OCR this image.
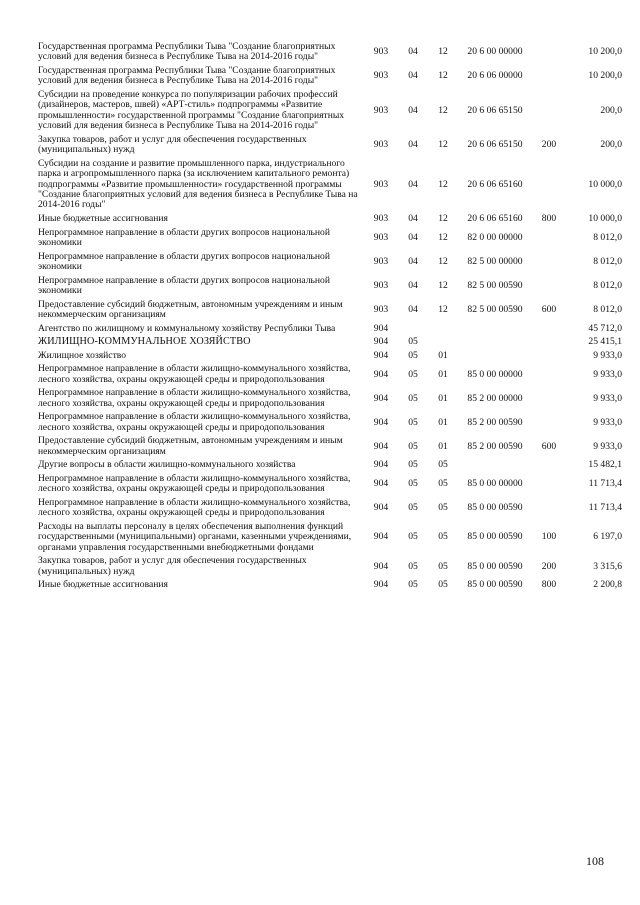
Государственная программа Республики Тыва "Создание благоприятных условий для ведения бизнеса в Республике Тыва на 2014-2016 годы"	903	04	12	20 6 00 00000		10 200,0
Государственная программа Республики Тыва "Создание благоприятных условий для ведения бизнеса в Республике Тыва на 2014-2016 годы"	903	04	12	20 6 06 00000		10 200,0
Субсидии на проведение конкурса по популяризации рабочих профессий (дизайнеров, мастеров, швей) «АРТ-стиль» подпрограммы «Развитие промышленности» государственной программы "Создание благоприятных условий для ведения бизнеса в Республике Тыва на 2014-2016 годы"	903	04	12	20 6 06 65150		200,0
Закупка товаров, работ и услуг для обеспечения государственных (муниципальных) нужд	903	04	12	20 6 06 65150	200	200,0
Субсидии на создание и развитие промышленного парка, индустриального парка и агропромышленного парка (за исключением капитального ремонта) подпрограммы «Развитие промышленности» государственной программы "Создание благоприятных условий для ведения бизнеса в Республике Тыва на 2014-2016 годы"	903	04	12	20 6 06 65160		10 000,0
Иные бюджетные ассигнования	903	04	12	20 6 06 65160	800	10 000,0
Непрограммное направление в области других вопросов национальной экономики	903	04	12	82 0 00 00000		8 012,0
Непрограммное направление в области других вопросов национальной экономики	903	04	12	82 5 00 00000		8 012,0
Непрограммное направление в области других вопросов национальной экономики	903	04	12	82 5 00 00590		8 012,0
Предоставление субсидий бюджетным, автономным учреждениям и иным некоммерческим организациям	903	04	12	82 5 00 00590	600	8 012,0
Агентство по жилищному и коммунальному хозяйству Республики Тыва	904					45 712,0
ЖИЛИЩНО-КОММУНАЛЬНОЕ ХОЗЯЙСТВО	904	05				25 415,1
Жилищное хозяйство	904	05	01			9 933,0
Непрограммное направление в области жилищно-коммунального хозяйства, лесного хозяйства, охраны окружающей среды и природопользования	904	05	01	85 0 00 00000		9 933,0
Непрограммное направление в области жилищно-коммунального хозяйства, лесного хозяйства, охраны окружающей среды и природопользования	904	05	01	85 2 00 00000		9 933,0
Непрограммное направление в области жилищно-коммунального хозяйства, лесного хозяйства, охраны окружающей среды и природопользования	904	05	01	85 2 00 00590		9 933,0
Предоставление субсидий бюджетным, автономным учреждениям и иным некоммерческим организациям	904	05	01	85 2 00 00590	600	9 933,0
Другие вопросы в области жилищно-коммунального хозяйства	904	05	05			15 482,1
Непрограммное направление в области жилищно-коммунального хозяйства, лесного хозяйства, охраны окружающей среды и природопользования	904	05	05	85 0 00 00000		11 713,4
Непрограммное направление в области жилищно-коммунального хозяйства, лесного хозяйства, охраны окружающей среды и природопользования	904	05	05	85 0 00 00590		11 713,4
Расходы на выплаты персоналу в целях обеспечения выполнения функций государственными (муниципальными) органами, казенными учреждениями, органами управления государственными внебюджетными фондами	904	05	05	85 0 00 00590	100	6 197,0
Закупка товаров, работ и услуг для обеспечения государственных (муниципальных) нужд	904	05	05	85 0 00 00590	200	3 315,6
Иные бюджетные ассигнования	904	05	05	85 0 00 00590	800	2 200,8
108
